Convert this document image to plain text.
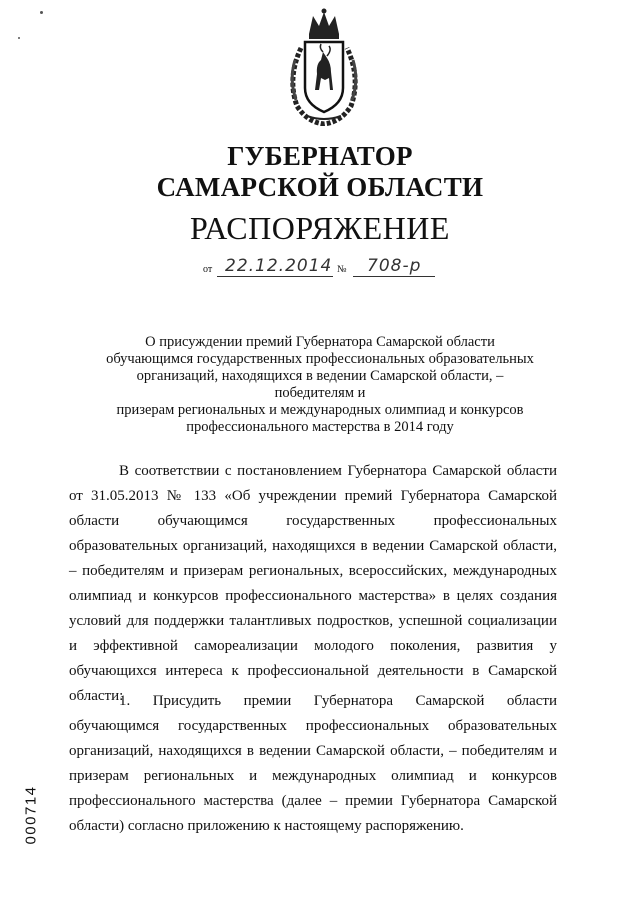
ГУБЕРНАТОР
САМАРСКОЙ ОБЛАСТИ
РАСПОРЯЖЕНИЕ
от 22.12.2014 № 708-р
О присуждении премий Губернатора Самарской области
обучающимся государственных профессиональных образовательных
организаций, находящихся в ведении Самарской области, – победителям и
призерам региональных и международных олимпиад и конкурсов
профессионального мастерства в 2014 году
В соответствии с постановлением Губернатора Самарской области от 31.05.2013 № 133 «Об учреждении премий Губернатора Самарской области обучающимся государственных профессиональных образовательных организаций, находящихся в ведении Самарской области, – победителям и призерам региональных, всероссийских, международных олимпиад и конкурсов профессионального мастерства» в целях создания условий для поддержки талантливых подростков, успешной социализации и эффективной самореализации молодого поколения, развития у обучающихся интереса к профессиональной деятельности в Самарской области:
1. Присудить премии Губернатора Самарской области обучающимся государственных профессиональных образовательных организаций, находящихся в ведении Самарской области, – победителям и призерам региональных и международных олимпиад и конкурсов профессионального мастерства (далее – премии Губернатора Самарской области) согласно приложению к настоящему распоряжению.
000714
